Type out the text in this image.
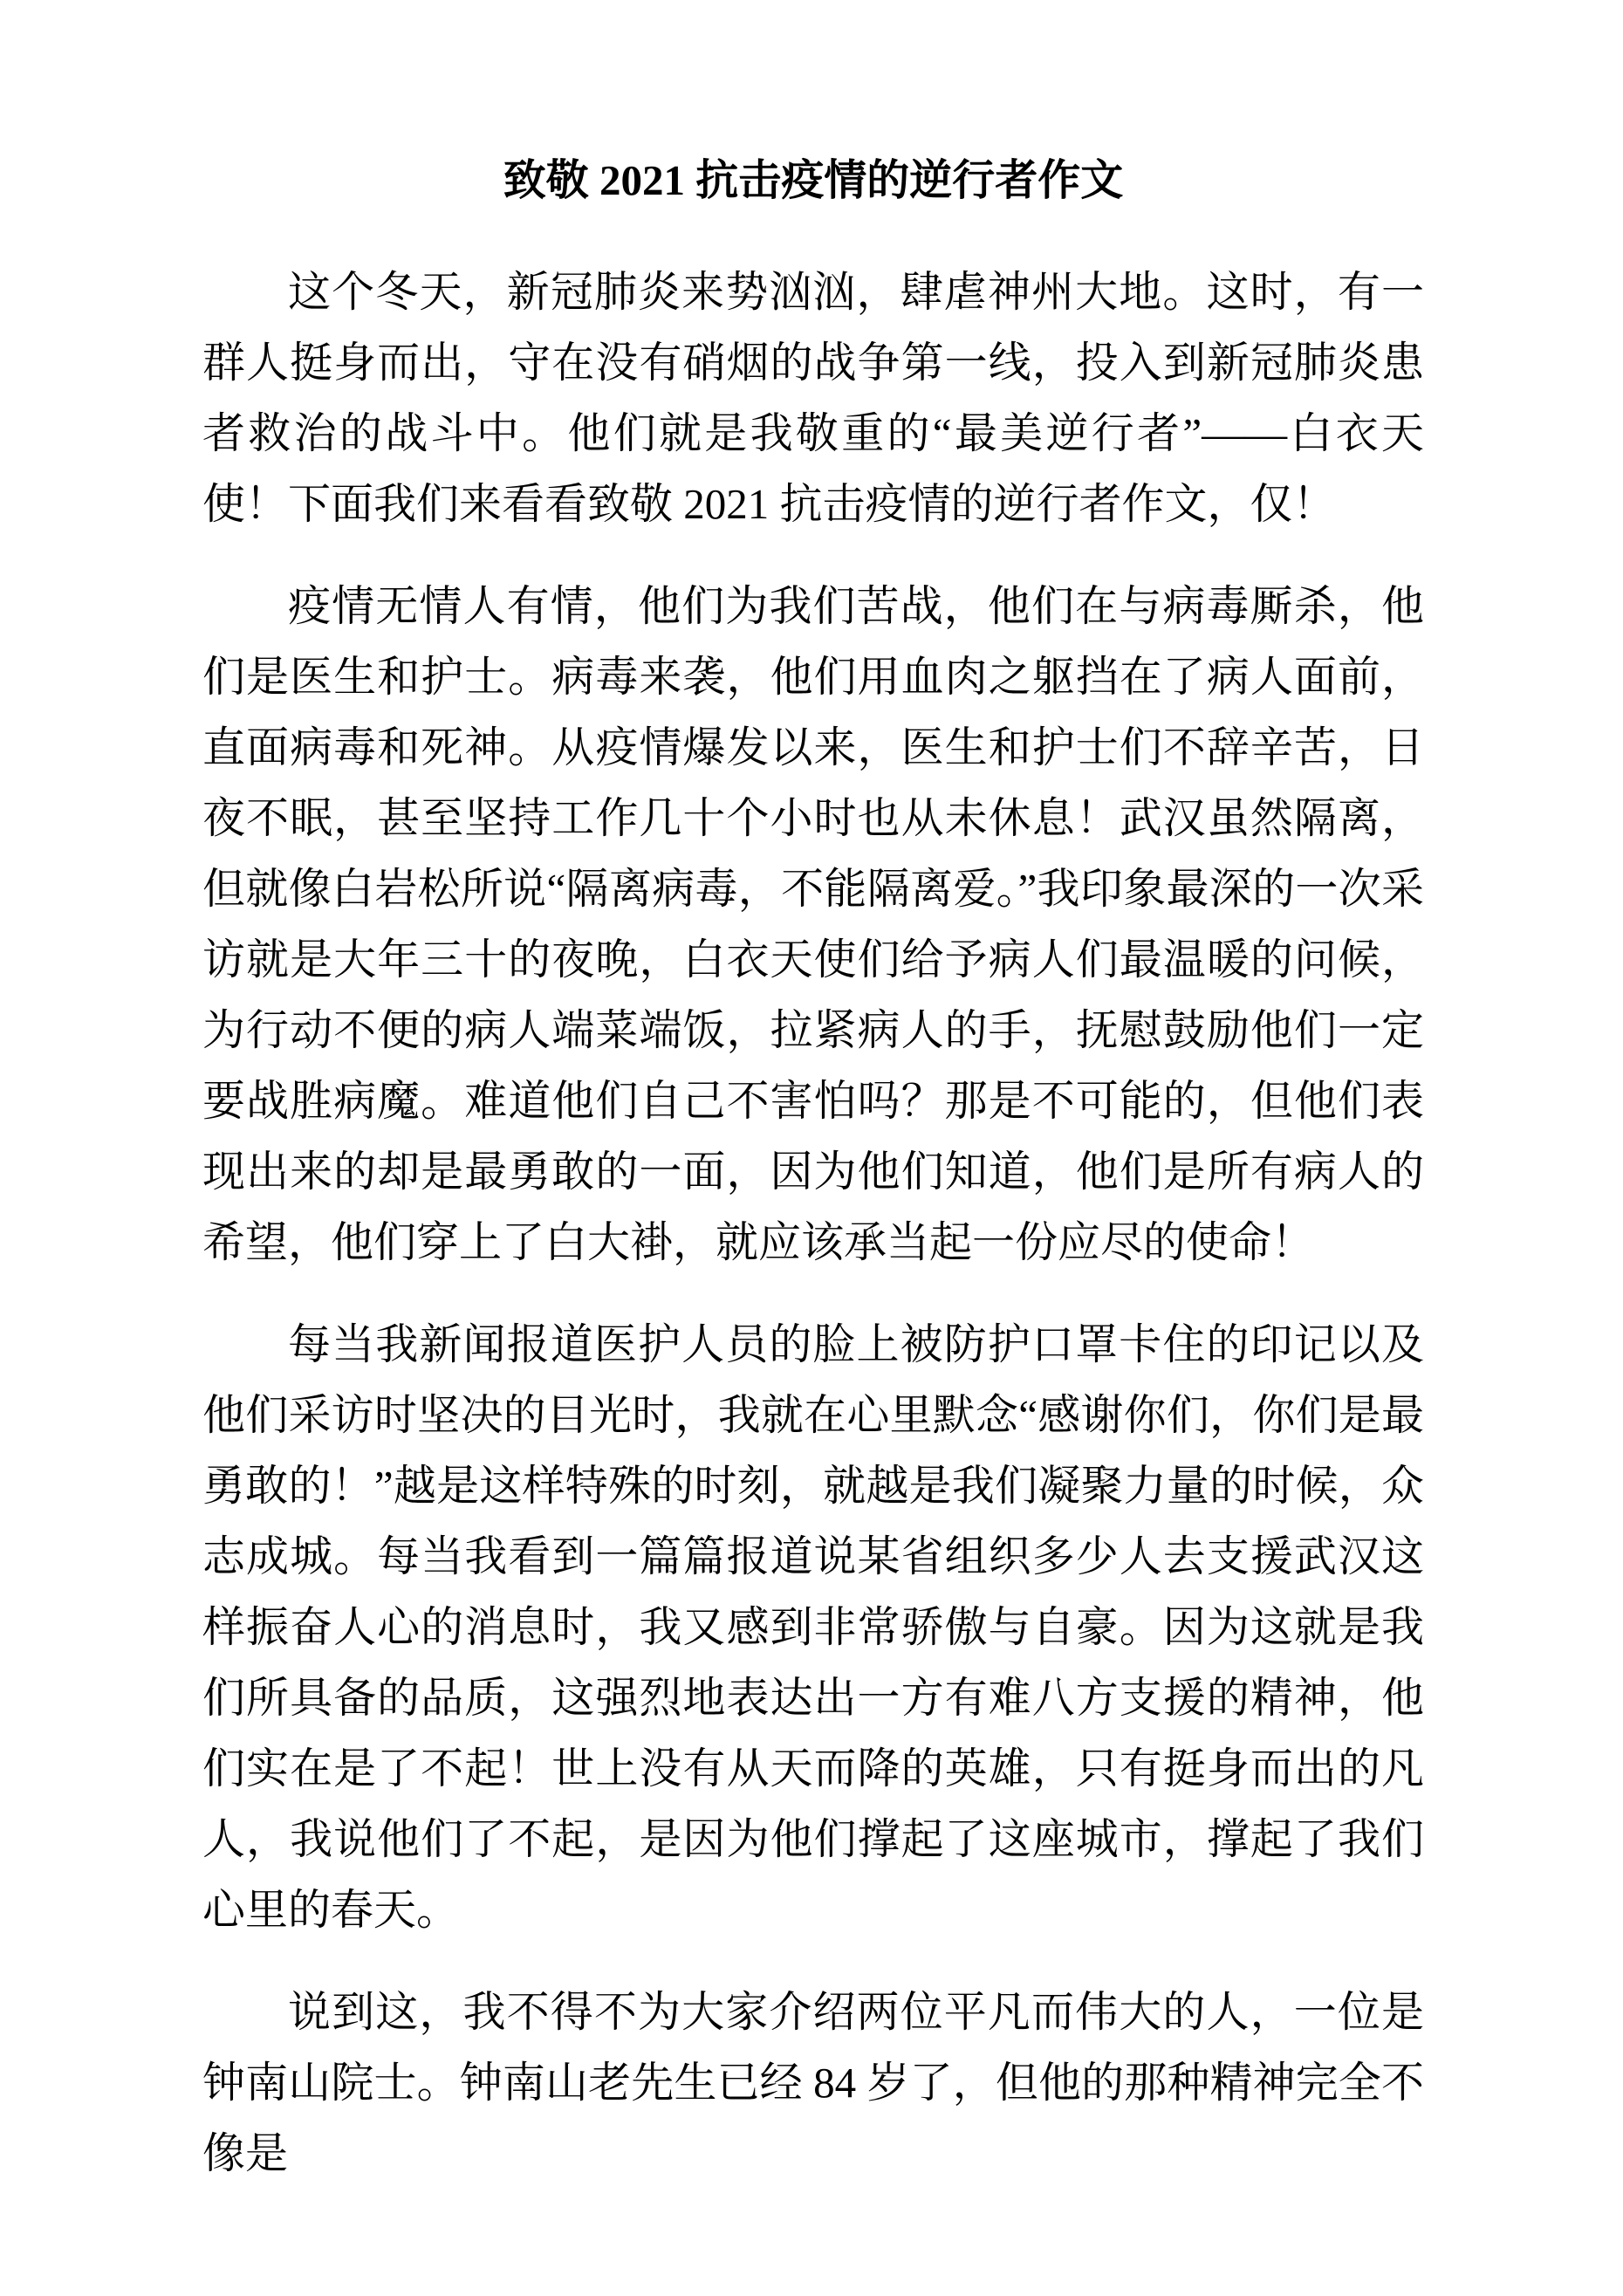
致敬 2021 抗击疫情的逆行者作文

这个冬天，新冠肺炎来势汹汹，肆虐神州大地。这时，有一群人挺身而出，守在没有硝烟的战争第一线，投入到新冠肺炎患者救治的战斗中。他们就是我敬重的“最美逆行者”——白衣天使！下面我们来看看致敬 2021 抗击疫情的逆行者作文，仅！

疫情无情人有情，他们为我们苦战，他们在与病毒厮杀，他们是医生和护士。病毒来袭，他们用血肉之躯挡在了病人面前，直面病毒和死神。从疫情爆发以来，医生和护士们不辞辛苦，日夜不眠，甚至坚持工作几十个小时也从未休息！武汉虽然隔离，但就像白岩松所说“隔离病毒，不能隔离爱。”我印象最深的一次采访就是大年三十的夜晚，白衣天使们给予病人们最温暖的问候，为行动不便的病人端菜端饭，拉紧病人的手，抚慰鼓励他们一定要战胜病魔。难道他们自己不害怕吗？那是不可能的，但他们表现出来的却是最勇敢的一面，因为他们知道，他们是所有病人的希望，他们穿上了白大褂，就应该承当起一份应尽的使命！

每当我新闻报道医护人员的脸上被防护口罩卡住的印记以及他们采访时坚决的目光时，我就在心里默念“感谢你们，你们是最勇敢的！”越是这样特殊的时刻，就越是我们凝聚力量的时候，众志成城。每当我看到一篇篇报道说某省组织多少人去支援武汉这样振奋人心的消息时，我又感到非常骄傲与自豪。因为这就是我们所具备的品质，这强烈地表达出一方有难八方支援的精神，他们实在是了不起！世上没有从天而降的英雄，只有挺身而出的凡人，我说他们了不起，是因为他们撑起了这座城市，撑起了我们心里的春天。

说到这，我不得不为大家介绍两位平凡而伟大的人，一位是钟南山院士。钟南山老先生已经 84 岁了，但他的那种精神完全不像是
